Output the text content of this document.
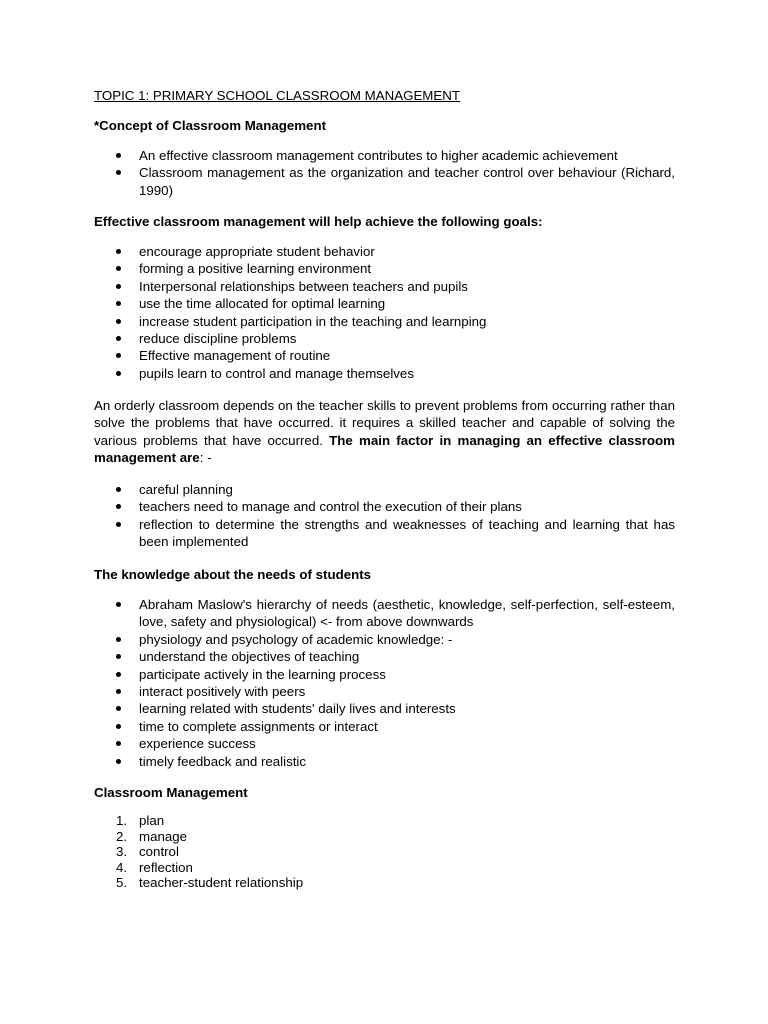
TOPIC 1: PRIMARY SCHOOL CLASSROOM MANAGEMENT
*Concept of Classroom Management
An effective classroom management contributes to higher academic achievement
Classroom management as the organization and teacher control over behaviour (Richard, 1990)
Effective classroom management will help achieve the following goals:
encourage appropriate student behavior
forming a positive learning environment
Interpersonal relationships between teachers and pupils
use the time allocated for optimal learning
increase student participation in the teaching and learnping
reduce discipline problems
Effective management of routine
pupils learn to control and manage themselves
An orderly classroom depends on the teacher skills to prevent problems from occurring rather than solve the problems that have occurred. it requires a skilled teacher and capable of solving the various problems that have occurred. The main factor in managing an effective classroom management are: -
careful planning
teachers need to manage and control the execution of their plans
reflection to determine the strengths and weaknesses of teaching and learning that has been implemented
The knowledge about the needs of students
Abraham Maslow's hierarchy of needs (aesthetic, knowledge, self-perfection, self-esteem, love, safety and physiological) <- from above downwards
physiology and psychology of academic knowledge: -
understand the objectives of teaching
participate actively in the learning process
interact positively with peers
learning related with students' daily lives and interests
time to complete assignments or interact
experience success
timely feedback and realistic
Classroom Management
1. plan
2. manage
3. control
4. reflection
5. teacher-student relationship
